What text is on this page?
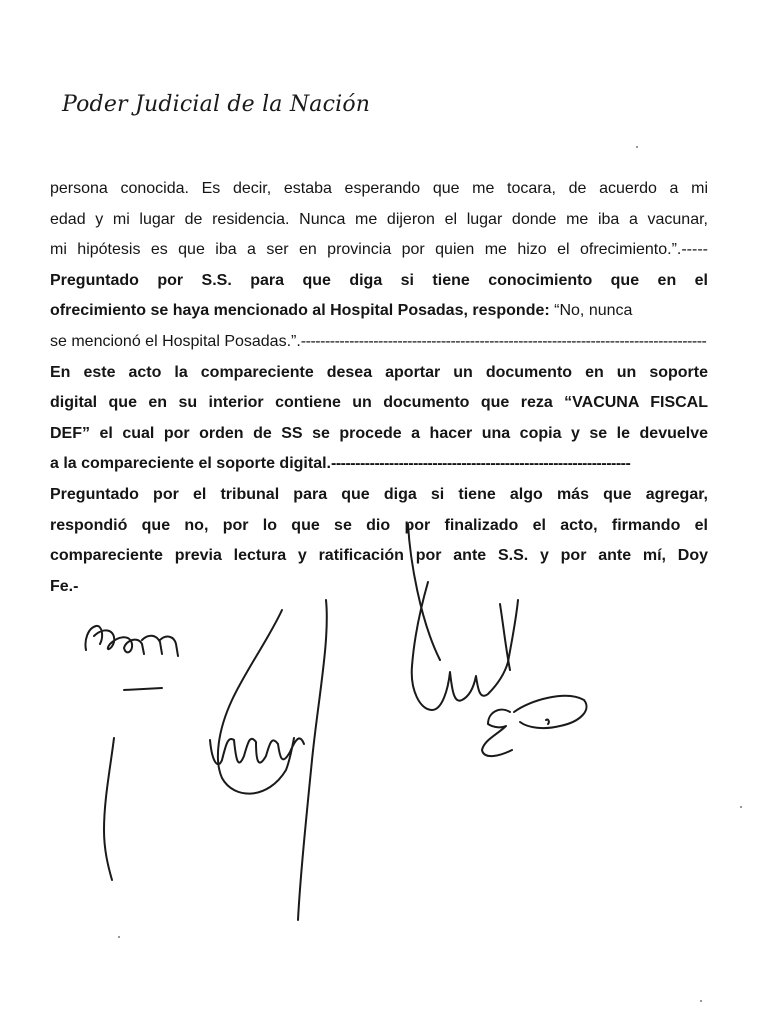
Poder Judicial de la Nación
persona conocida. Es decir, estaba esperando que me tocara, de acuerdo a mi
edad y mi lugar de residencia. Nunca me dijeron el lugar donde me iba a vacunar,
mi hipótesis es que iba a ser en provincia por quien me hizo el ofrecimiento.”.-----
Preguntado por S.S. para que diga si tiene conocimiento que en el
ofrecimiento se haya mencionado al Hospital Posadas, responde: “No, nunca
se mencionó el Hospital Posadas.”.------------------------------------------------------------------------------------
En este acto la compareciente desea aportar un documento en un soporte
digital que en su interior contiene un documento que reza “VACUNA FISCAL
DEF” el cual por orden de SS se procede a hacer una copia y se le devuelve
a la compareciente el soporte digital.--------------------------------------------------------------
Preguntado por el tribunal para que diga si tiene algo más que agregar,
respondió que no, por lo que se dio por finalizado el acto, firmando el
compareciente previa lectura y ratificación por ante S.S. y por ante mí, Doy
Fe.-
